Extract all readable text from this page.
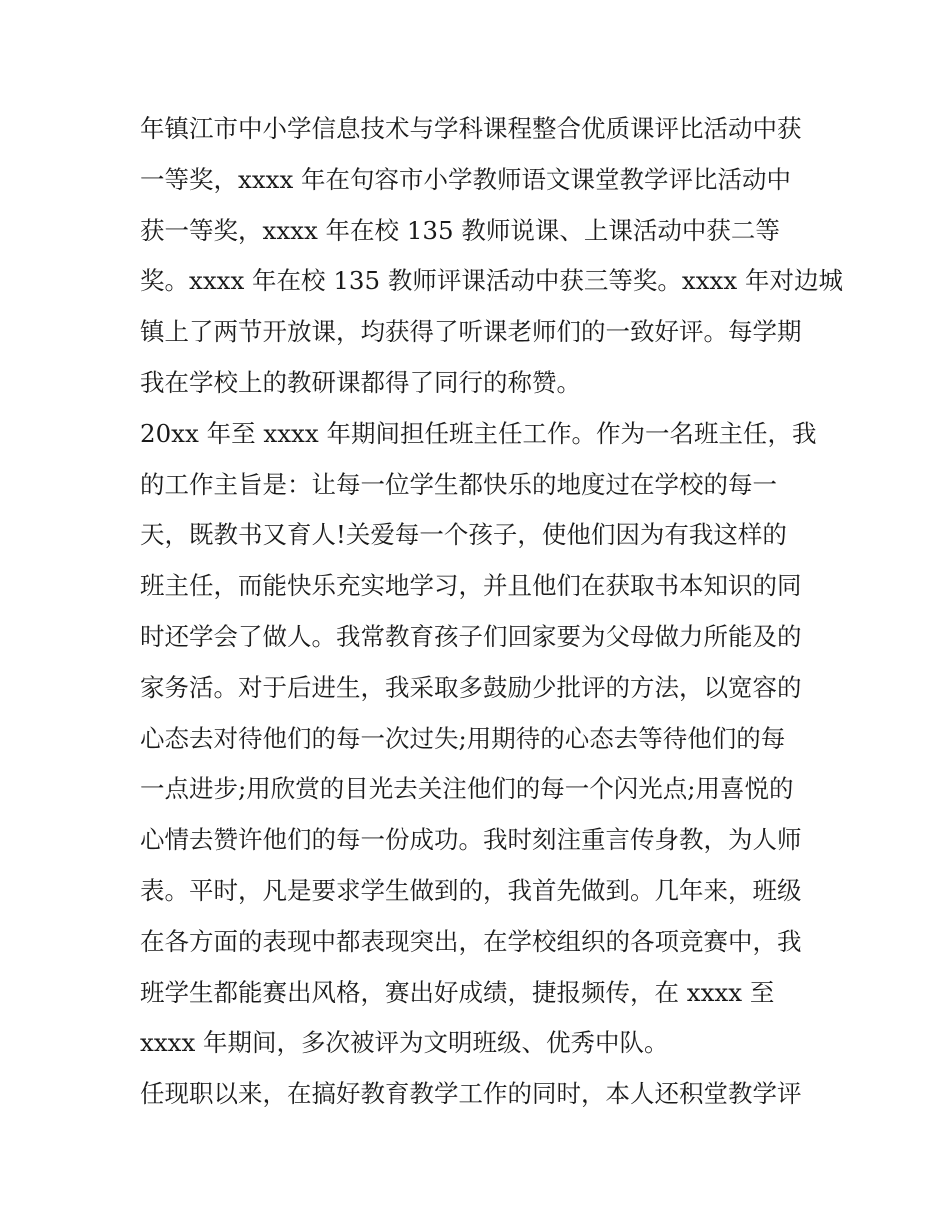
年镇江市中小学信息技术与学科课程整合优质课评比活动中获
一等奖，xxxx 年在句容市小学教师语文课堂教学评比活动中
获一等奖，xxxx 年在校 135 教师说课、上课活动中获二等
奖。xxxx 年在校 135 教师评课活动中获三等奖。xxxx 年对边城
镇上了两节开放课，均获得了听课老师们的一致好评。每学期
我在学校上的教研课都得了同行的称赞。
20xx 年至 xxxx 年期间担任班主任工作。作为一名班主任，我
的工作主旨是：让每一位学生都快乐的地度过在学校的每一
天，既教书又育人!关爱每一个孩子，使他们因为有我这样的
班主任，而能快乐充实地学习，并且他们在获取书本知识的同
时还学会了做人。我常教育孩子们回家要为父母做力所能及的
家务活。对于后进生，我采取多鼓励少批评的方法，以宽容的
心态去对待他们的每一次过失;用期待的心态去等待他们的每
一点进步;用欣赏的目光去关注他们的每一个闪光点;用喜悦的
心情去赞许他们的每一份成功。我时刻注重言传身教，为人师
表。平时，凡是要求学生做到的，我首先做到。几年来，班级
在各方面的表现中都表现突出，在学校组织的各项竞赛中，我
班学生都能赛出风格，赛出好成绩，捷报频传，在 xxxx 至
xxxx 年期间，多次被评为文明班级、优秀中队。
任现职以来，在搞好教育教学工作的同时，本人还积堂教学评
